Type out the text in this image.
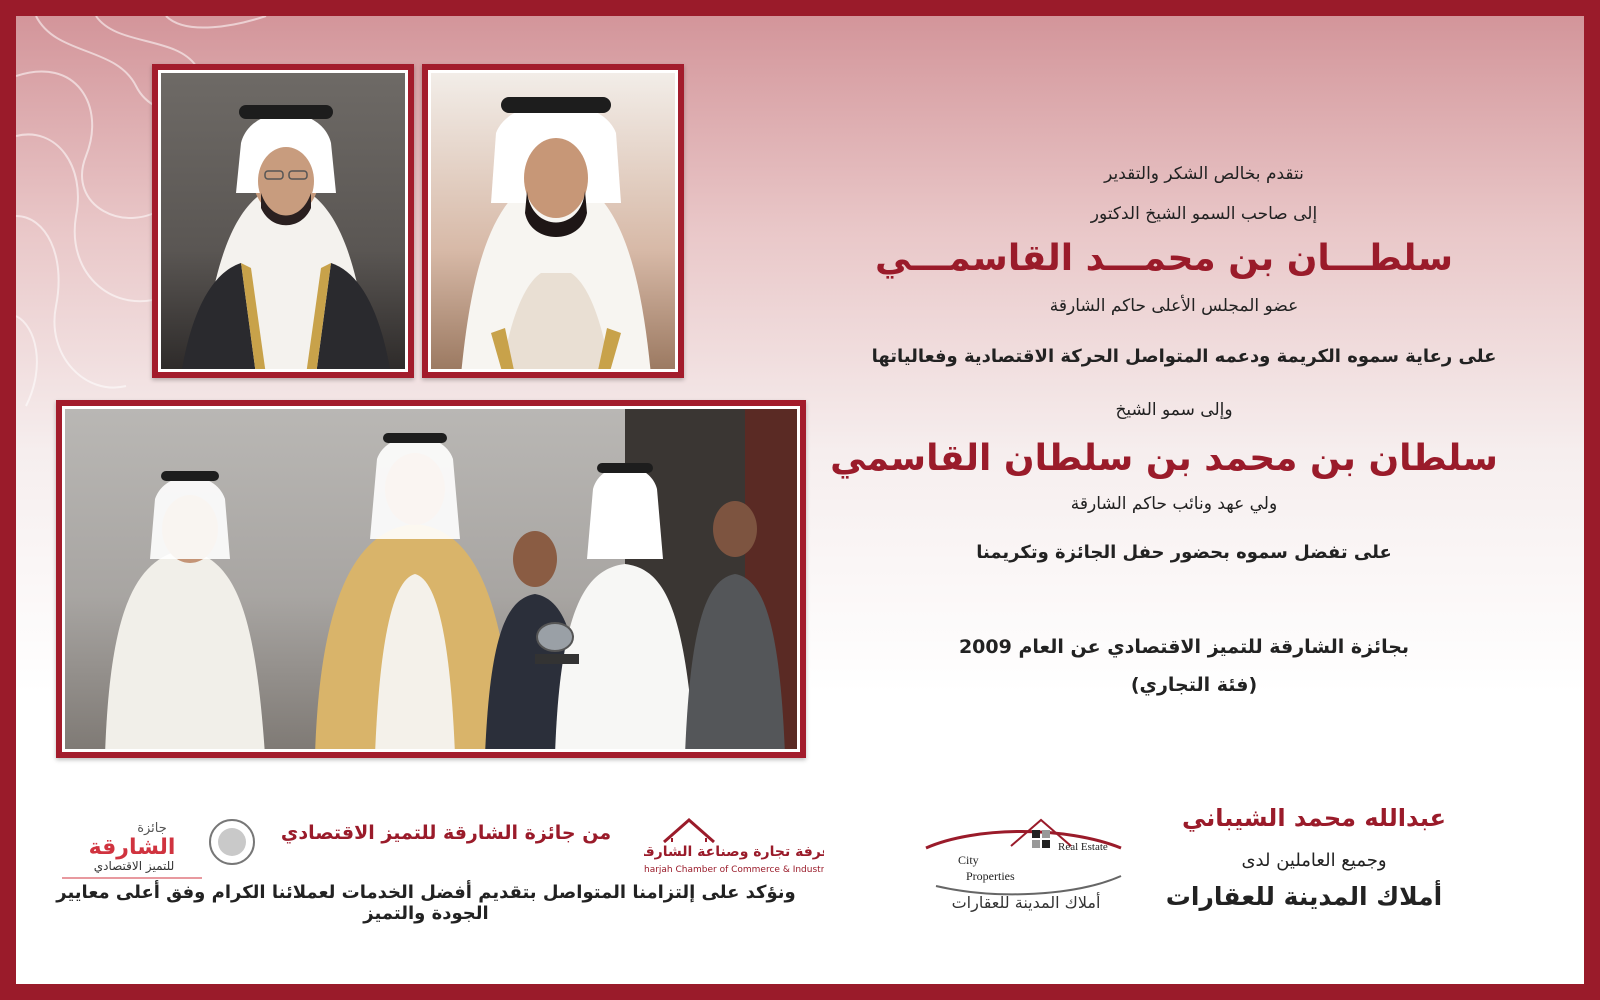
نتقدم بخالص الشكر والتقدير
إلى صاحب السمو الشيخ الدكتور
سلطـــان بن محمـــد القاسمـــي
عضو المجلس الأعلى حاكم الشارقة
على رعاية سموه الكريمة ودعمه المتواصل الحركة الاقتصادية وفعالياتها
وإلى سمو الشيخ
سلطان بن محمد بن سلطان القاسمي
ولي عهد ونائب حاكم الشارقة
على تفضل سموه بحضور حفل الجائزة وتكريمنا
بجائزة الشارقة للتميز الاقتصادي عن العام 2009
(فئة التجاري)
عبدالله محمد الشيباني
وجميع العاملين لدى
أملاك المدينة للعقارات
City
Properties
Real Estate
أملاك المدينة للعقارات
غرفة تجارة وصناعة الشارقة
Sharjah Chamber of Commerce & Industry
من جائزة الشارقة للتميز الاقتصادي
جائزة
الشارقة
للتميز الاقتصادي
ونؤكد على إلتزامنا المتواصل بتقديم أفضل الخدمات لعملائنا الكرام وفق أعلى معايير الجودة والتميز
